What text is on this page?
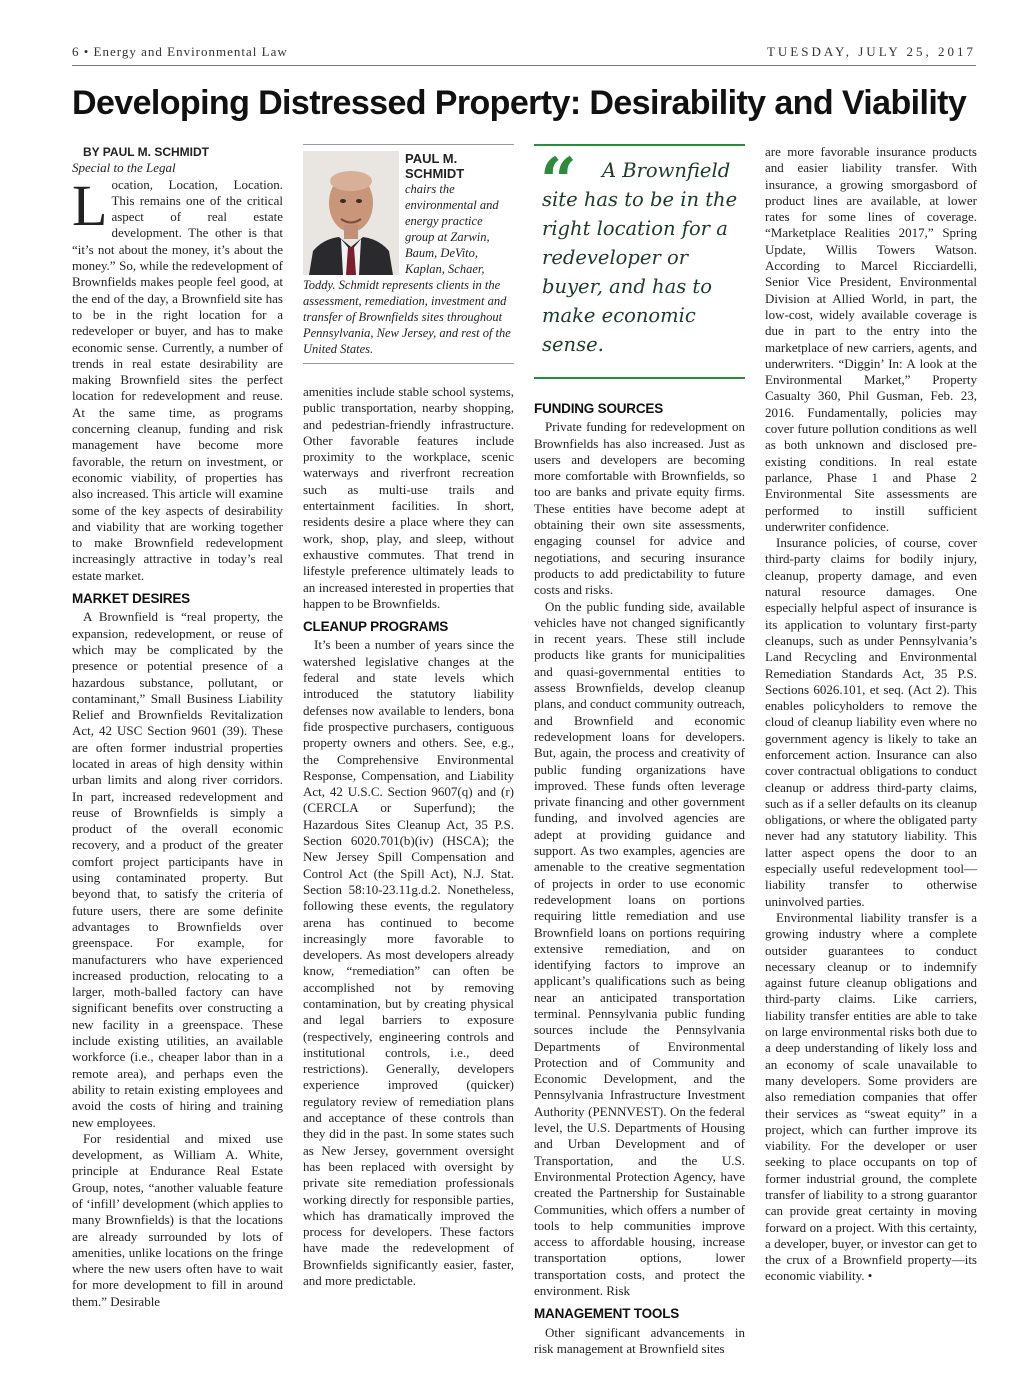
6 • Energy and Environmental Law	TUESDAY, JULY 25, 2017
Developing Distressed Property: Desirability and Viability

BY PAUL M. SCHMIDT

Special to the Legal

Location, Location, Location. This remains one of the critical aspect of real estate development. The other is that “it’s not about the money, it’s about the money.” So, while the redevelopment of Brownfields makes people feel good, at the end of the day, a Brownfield site has to be in the right location for a redeveloper or buyer, and has to make economic sense. Currently, a number of trends in real estate desirability are making Brownfield sites the perfect location for redevelopment and reuse. At the same time, as programs concerning cleanup, funding and risk management have become more favorable, the return on investment, or economic viability, of properties has also increased. This article will examine some of the key aspects of desirability and viability that are working together to make Brownfield redevelopment increasingly attractive in today’s real estate market.

MARKET DESIRES

A Brownfield is “real property, the expansion, redevelopment, or reuse of which may be complicated by the presence or potential presence of a hazardous substance, pollutant, or contaminant,” Small Business Liability Relief and Brownfields Revitalization Act, 42 USC Section 9601 (39). These are often former industrial properties located in areas of high density within urban limits and along river corridors. In part, increased redevelopment and reuse of Brownfields is simply a product of the overall economic recovery, and a product of the greater comfort project participants have in using contaminated property. But beyond that, to satisfy the criteria of future users, there are some definite advantages to Brownfields over greenspace. For example, for manufacturers who have experienced increased production, relocating to a larger, moth-balled factory can have significant benefits over constructing a new facility in a greenspace. These include existing utilities, an available workforce (i.e., cheaper labor than in a remote area), and perhaps even the ability to retain existing employees and avoid the costs of hiring and training new employees.

For residential and mixed use development, as William A. White, principle at Endurance Real Estate Group, notes, “another valuable feature of ‘infill’ development (which applies to many Brownfields) is that the locations are already surrounded by lots of amenities, unlike locations on the fringe where the new users often have to wait for more development to fill in around them.” Desirable

PAUL M. SCHMIDT

chairs the environmental and energy practice group at Zarwin, Baum, DeVito, Kaplan, Schaer, Toddy. Schmidt represents clients in the assessment, remediation, investment and transfer of Brownfields sites throughout Pennsylvania, New Jersey, and rest of the United States.

amenities include stable school systems, public transportation, nearby shopping, and pedestrian-friendly infrastructure. Other favorable features include proximity to the workplace, scenic waterways and riverfront recreation such as multi-use trails and entertainment facilities. In short, residents desire a place where they can work, shop, play, and sleep, without exhaustive commutes. That trend in lifestyle preference ultimately leads to an increased interested in properties that happen to be Brownfields.

CLEANUP PROGRAMS

It’s been a number of years since the watershed legislative changes at the federal and state levels which introduced the statutory liability defenses now available to lenders, bona fide prospective purchasers, contiguous property owners and others. See, e.g., the Comprehensive Environmental Response, Compensation, and Liability Act, 42 U.S.C. Section 9607(q) and (r) (CERCLA or Superfund); the Hazardous Sites Cleanup Act, 35 P.S. Section 6020.701(b)(iv) (HSCA); the New Jersey Spill Compensation and Control Act (the Spill Act), N.J. Stat. Section 58:10-23.11g.d.2. Nonetheless, following these events, the regulatory arena has continued to become increasingly more favorable to developers. As most developers already know, “remediation” can often be accomplished not by removing contamination, but by creating physical and legal barriers to exposure (respectively, engineering controls and institutional controls, i.e., deed restrictions). Generally, developers experience improved (quicker) regulatory review of remediation plans and acceptance of these controls than they did in the past. In some states such as New Jersey, government oversight has been replaced with oversight by private site remediation professionals working directly for responsible parties, which has dramatically improved the process for developers. These factors have made the redevelopment of Brownfields significantly easier, faster, and more predictable.

“	A Brownfield site has to be in the right location for a redeveloper or buyer, and has to make economic sense.

FUNDING SOURCES

Private funding for redevelopment on Brownfields has also increased. Just as users and developers are becoming more comfortable with Brownfields, so too are banks and private equity firms. These entities have become adept at obtaining their own site assessments, engaging counsel for advice and negotiations, and securing insurance products to add predictability to future costs and risks.

On the public funding side, available vehicles have not changed significantly in recent years. These still include products like grants for municipalities and quasi-governmental entities to assess Brownfields, develop cleanup plans, and conduct community outreach, and Brownfield and economic redevelopment loans for developers. But, again, the process and creativity of public funding organizations have improved. These funds often leverage private financing and other government funding, and involved agencies are adept at providing guidance and support. As two examples, agencies are amenable to the creative segmentation of projects in order to use economic redevelopment loans on portions requiring little remediation and use Brownfield loans on portions requiring extensive remediation, and on identifying factors to improve an applicant’s qualifications such as being near an anticipated transportation terminal. Pennsylvania public funding sources include the Pennsylvania Departments of Environmental Protection and of Community and Economic Development, and the Pennsylvania Infrastructure Investment Authority (PENNVEST). On the federal level, the U.S. Departments of Housing and Urban Development and of Transportation, and the U.S. Environmental Protection Agency, have created the Partnership for Sustainable Communities, which offers a number of tools to help communities improve access to affordable housing, increase transportation options, lower transportation costs, and protect the environment. Risk

MANAGEMENT TOOLS

Other significant advancements in risk management at Brownfield sites

are more favorable insurance products and easier liability transfer. With insurance, a growing smorgasbord of product lines are available, at lower rates for some lines of coverage. “Marketplace Realities 2017,” Spring Update, Willis Towers Watson. According to Marcel Ricciardelli, Senior Vice President, Environmental Division at Allied World, in part, the low-cost, widely available coverage is due in part to the entry into the marketplace of new carriers, agents, and underwriters. “Diggin’ In: A look at the Environmental Market,” Property Casualty 360, Phil Gusman, Feb. 23, 2016. Fundamentally, policies may cover future pollution conditions as well as both unknown and disclosed pre-existing conditions. In real estate parlance, Phase 1 and Phase 2 Environmental Site assessments are performed to instill sufficient underwriter confidence.

Insurance policies, of course, cover third-party claims for bodily injury, cleanup, property damage, and even natural resource damages. One especially helpful aspect of insurance is its application to voluntary first-party cleanups, such as under Pennsylvania’s Land Recycling and Environmental Remediation Standards Act, 35 P.S. Sections 6026.101, et seq. (Act 2). This enables policyholders to remove the cloud of cleanup liability even where no government agency is likely to take an enforcement action. Insurance can also cover contractual obligations to conduct cleanup or address third-party claims, such as if a seller defaults on its cleanup obligations, or where the obligated party never had any statutory liability. This latter aspect opens the door to an especially useful redevelopment tool—liability transfer to otherwise uninvolved parties.

Environmental liability transfer is a growing industry where a complete outsider guarantees to conduct necessary cleanup or to indemnify against future cleanup obligations and third-party claims. Like carriers, liability transfer entities are able to take on large environmental risks both due to a deep understanding of likely loss and an economy of scale unavailable to many developers. Some providers are also remediation companies that offer their services as “sweat equity” in a project, which can further improve its viability. For the developer or user seeking to place occupants on top of former industrial ground, the complete transfer of liability to a strong guarantor can provide great certainty in moving forward on a project. With this certainty, a developer, buyer, or investor can get to the crux of a Brownfield property—its economic viability. •
